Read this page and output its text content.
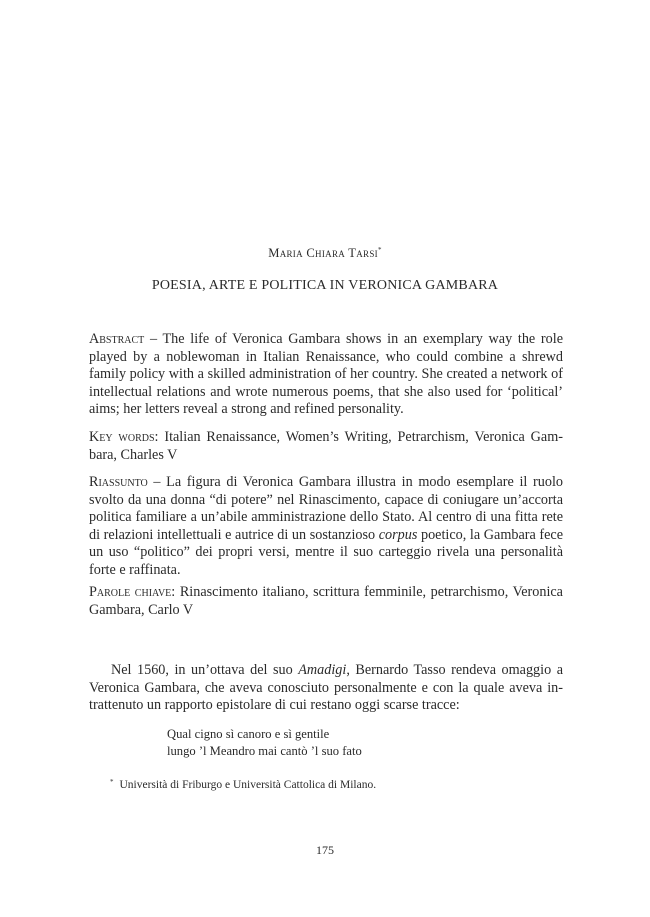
Maria Chiara Tarsi*
POESIA, ARTE E POLITICA IN VERONICA GAMBARA
Abstract – The life of Veronica Gambara shows in an exemplary way the role
played by a noblewoman in Italian Renaissance, who could combine a shrewd
family policy with a skilled administration of her country. She created a network of
intellectual relations and wrote numerous poems, that she also used for ‘political’
aims; her letters reveal a strong and refined personality.
Key words: Italian Renaissance, Women’s Writing, Petrarchism, Veronica Gam-
bara, Charles V
Riassunto – La figura di Veronica Gambara illustra in modo esemplare il ruolo
svolto da una donna “di potere” nel Rinascimento, capace di coniugare un’accorta
politica familiare a un’abile amministrazione dello Stato. Al centro di una fitta rete
di relazioni intellettuali e autrice di un sostanzioso corpus poetico, la Gambara fece
un uso “politico” dei propri versi, mentre il suo carteggio rivela una personalità
forte e raffinata.
Parole chiave: Rinascimento italiano, scrittura femminile, petrarchismo, Veronica
Gambara, Carlo V
Nel 1560, in un’ottava del suo Amadigi, Bernardo Tasso rendeva omaggio a
Veronica Gambara, che aveva conosciuto personalmente e con la quale aveva in-
trattenuto un rapporto epistolare di cui restano oggi scarse tracce:
Qual cigno sì canoro e sì gentile
lungo ’l Meandro mai cantò ’l suo fato
* Università di Friburgo e Università Cattolica di Milano.
175
